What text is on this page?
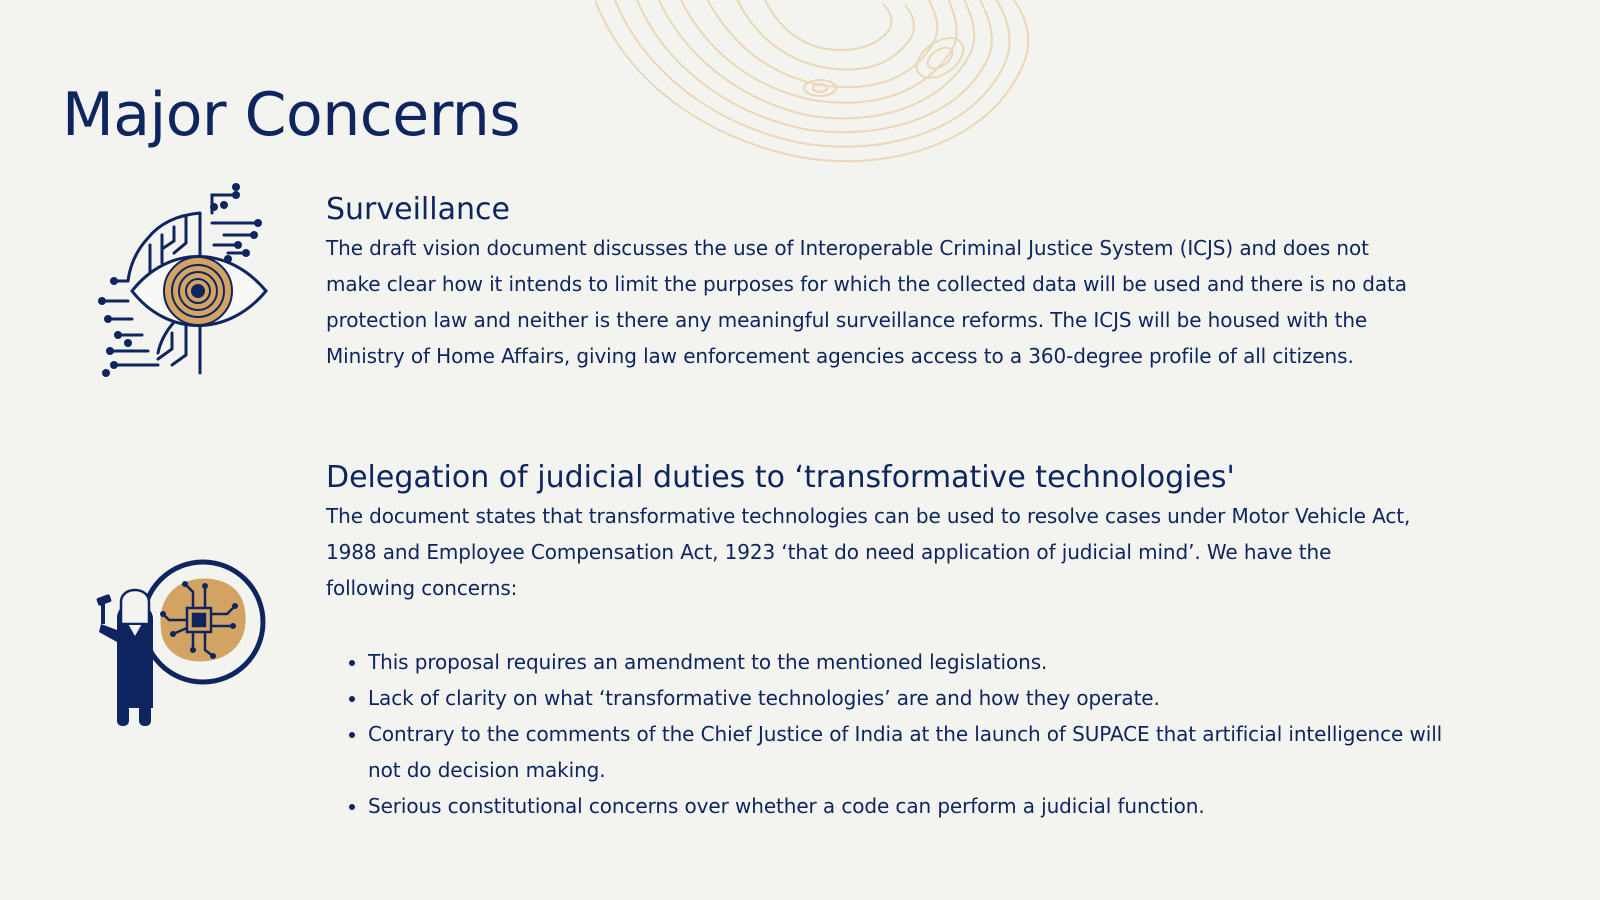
Major Concerns
Surveillance

The draft vision document discusses the use of Interoperable Criminal Justice System (ICJS) and does not make clear how it intends to limit the purposes for which the collected data will be used and there is no data protection law and neither is there any meaningful surveillance reforms. The ICJS will be housed with the Ministry of Home Affairs, giving law enforcement agencies access to a 360-degree profile of all citizens.

Delegation of judicial duties to ‘transformative technologies'

The document states that transformative technologies can be used to resolve cases under Motor Vehicle Act, 1988 and Employee Compensation Act, 1923 ‘that do need application of judicial mind’. We have the following concerns:

• This proposal requires an amendment to the mentioned legislations.
• Lack of clarity on what ‘transformative technologies’ are and how they operate.
• Contrary to the comments of the Chief Justice of India at the launch of SUPACE that artificial intelligence will not do decision making.
• Serious constitutional concerns over whether a code can perform a judicial function.
